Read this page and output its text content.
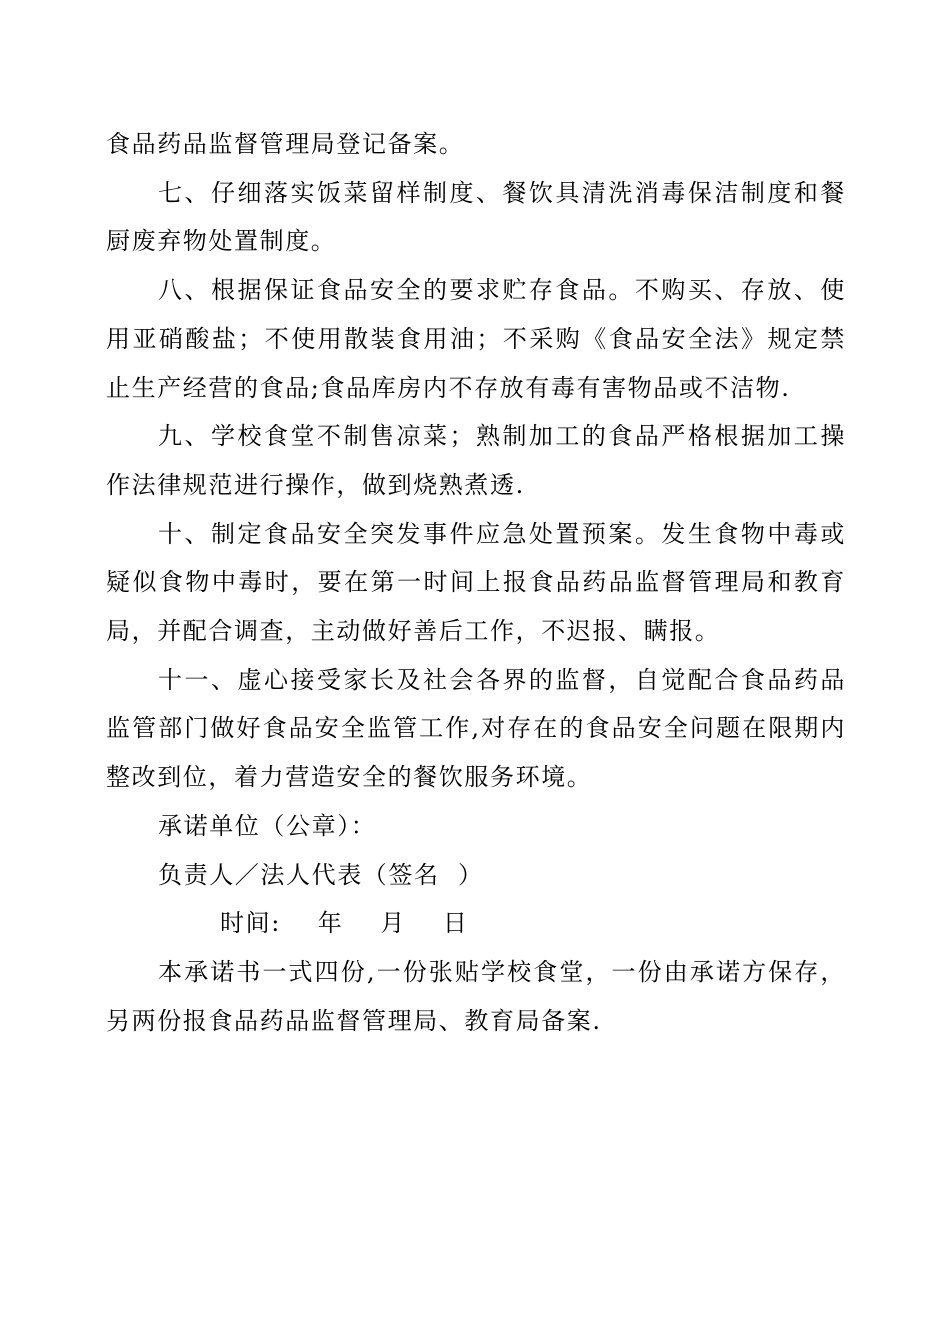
食品药品监督管理局登记备案。

七、仔细落实饭菜留样制度、餐饮具清洗消毒保洁制度和餐厨废弃物处置制度。

八、根据保证食品安全的要求贮存食品。不购买、存放、使用亚硝酸盐；不使用散装食用油；不采购《食品安全法》规定禁止生产经营的食品;食品库房内不存放有毒有害物品或不洁物.

九、学校食堂不制售凉菜；熟制加工的食品严格根据加工操作法律规范进行操作，做到烧熟煮透.

十、制定食品安全突发事件应急处置预案。发生食物中毒或疑似食物中毒时，要在第一时间上报食品药品监督管理局和教育局，并配合调查，主动做好善后工作，不迟报、瞒报。

十一、虚心接受家长及社会各界的监督，自觉配合食品药品监管部门做好食品安全监管工作,对存在的食品安全问题在限期内整改到位，着力营造安全的餐饮服务环境。

承诺单位（公章）：

负责人／法人代表（签名  ）

时间:    年    月    日

本承诺书一式四份,一份张贴学校食堂，一份由承诺方保存，另两份报食品药品监督管理局、教育局备案.
